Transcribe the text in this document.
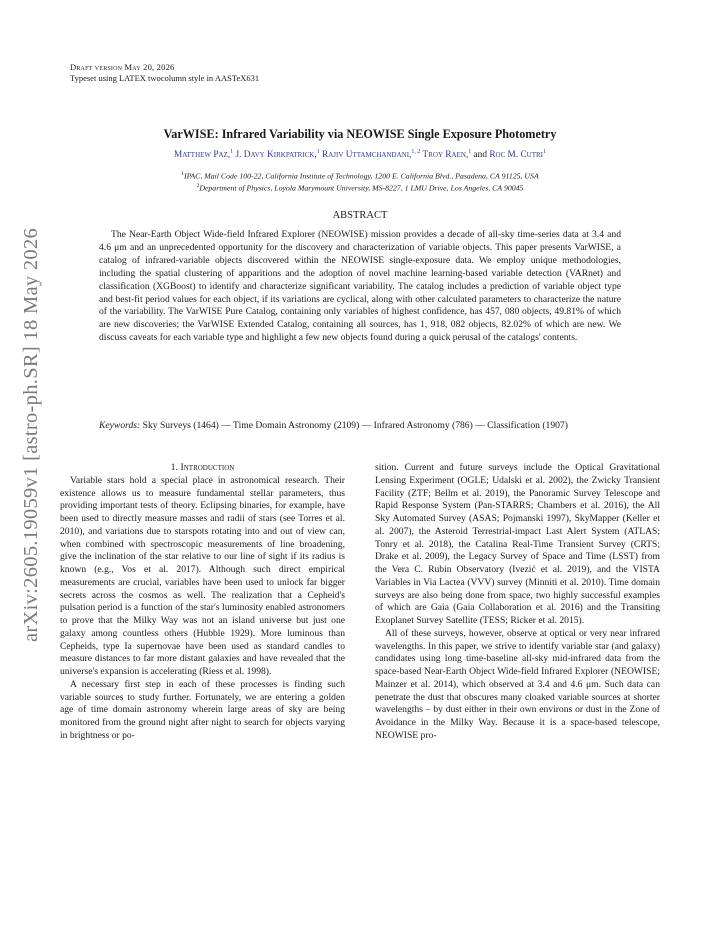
Draft version May 20, 2026
Typeset using LATEX twocolumn style in AASTeX631
arXiv:2605.19059v1 [astro-ph.SR] 18 May 2026
VarWISE: Infrared Variability via NEOWISE Single Exposure Photometry
Matthew Paz,$^1$ J. Davy Kirkpatrick,$^1$ Rajiv Uttamchandani,$^{1, 2}$ Troy Raen,$^1$ and Roc M. Cutri$^1$
$^1$IPAC, Mail Code 100-22, California Institute of Technology, 1200 E. California Blvd., Pasadena, CA 91125, USA
$^2$Department of Physics, Loyola Marymount University, MS-8227, 1 LMU Drive, Los Angeles, CA 90045
ABSTRACT
The Near-Earth Object Wide-field Infrared Explorer (NEOWISE) mission provides a decade of all-sky time-series data at 3.4 and 4.6 μm and an unprecedented opportunity for the discovery and characterization of variable objects. This paper presents VarWISE, a catalog of infrared-variable objects discovered within the NEOWISE single-exposure data. We employ unique methodologies, including the spatial clustering of apparitions and the adoption of novel machine learning-based variable detection (VARnet) and classification (XGBoost) to identify and characterize significant variability. The catalog includes a prediction of variable object type and best-fit period values for each object, if its variations are cyclical, along with other calculated parameters to characterize the nature of the variability. The VarWISE Pure Catalog, containing only variables of highest confidence, has 457, 080 objects, 49.81% of which are new discoveries; the VarWISE Extended Catalog, containing all sources, has 1, 918, 082 objects, 82.02% of which are new. We discuss caveats for each variable type and highlight a few new objects found during a quick perusal of the catalogs' contents.
Keywords: Sky Surveys (1464) — Time Domain Astronomy (2109) — Infrared Astronomy (786) — Classification (1907)

1. Introduction

Variable stars hold a special place in astronomical research. Their existence allows us to measure fundamental stellar parameters, thus providing important tests of theory. Eclipsing binaries, for example, have been used to directly measure masses and radii of stars (see Torres et al. 2010), and variations due to starspots rotating into and out of view can, when combined with spectroscopic measurements of line broadening, give the inclination of the star relative to our line of sight if its radius is known (e.g., Vos et al. 2017). Although such direct empirical measurements are crucial, variables have been used to unlock far bigger secrets across the cosmos as well. The realization that a Cepheid's pulsation period is a function of the star's luminosity enabled astronomers to prove that the Milky Way was not an island universe but just one galaxy among countless others (Hubble 1929). More luminous than Cepheids, type Ia supernovae have been used as standard candles to measure distances to far more distant galaxies and have revealed that the universe's expansion is accelerating (Riess et al. 1998).

A necessary first step in each of these processes is finding such variable sources to study further. Fortunately, we are entering a golden age of time domain astronomy wherein large areas of sky are being monitored from the ground night after night to search for objects varying in brightness or po-

sition. Current and future surveys include the Optical Gravitational Lensing Experiment (OGLE; Udalski et al. 2002), the Zwicky Transient Facility (ZTF; Bellm et al. 2019), the Panoramic Survey Telescope and Rapid Response System (Pan-STARRS; Chambers et al. 2016), the All Sky Automated Survey (ASAS; Pojmanski 1997), SkyMapper (Keller et al. 2007), the Asteroid Terrestrial-impact Last Alert System (ATLAS; Tonry et al. 2018), the Catalina Real-Time Transient Survey (CRTS; Drake et al. 2009), the Legacy Survey of Space and Time (LSST) from the Vera C. Rubin Observatory (Ivezić et al. 2019), and the VISTA Variables in Via Lactea (VVV) survey (Minniti et al. 2010). Time domain surveys are also being done from space, two highly successful examples of which are Gaia (Gaia Collaboration et al. 2016) and the Transiting Exoplanet Survey Satellite (TESS; Ricker et al. 2015).

All of these surveys, however, observe at optical or very near infrared wavelengths. In this paper, we strive to identify variable star (and galaxy) candidates using long time-baseline all-sky mid-infrared data from the space-based Near-Earth Object Wide-field Infrared Explorer (NEOWISE; Mainzer et al. 2014), which observed at 3.4 and 4.6 μm. Such data can penetrate the dust that obscures many cloaked variable sources at shorter wavelengths – by dust either in their own environs or dust in the Zone of Avoidance in the Milky Way. Because it is a space-based telescope, NEOWISE pro-
